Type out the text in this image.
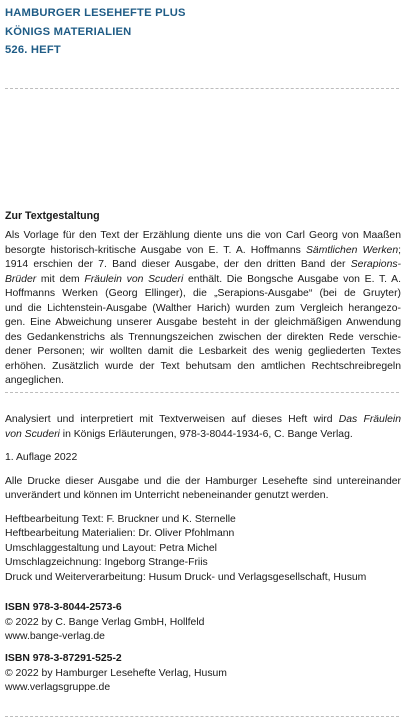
HAMBURGER LESEHEFTE PLUS
KÖNIGS MATERIALIEN
526. HEFT
Zur Textgestaltung
Als Vorlage für den Text der Erzählung diente uns die von Carl Georg von Maaßen
besorgte historisch-kritische Ausgabe von E. T. A. Hoffmanns Sämtlichen Werken;
1914 erschien der 7. Band dieser Ausgabe, der den dritten Band der Serapions-
Brüder mit dem Fräulein von Scuderi enthält. Die Bongsche Ausgabe von E. T. A.
Hoffmanns Werken (Georg Ellinger), die „Serapions-Ausgabe“ (bei de Gruyter)
und die Lichtenstein-Ausgabe (Walther Harich) wurden zum Vergleich herangezo-
gen. Eine Abweichung unserer Ausgabe besteht in der gleichmäßigen Anwendung
des Gedankenstrichs als Trennungszeichen zwischen der direkten Rede verschie-
dener Personen; wir wollten damit die Lesbarkeit des wenig gegliederten Textes
erhöhen. Zusätzlich wurde der Text behutsam den amtlichen Rechtschreibregeln
angeglichen.
Analysiert und interpretiert mit Textverweisen auf dieses Heft wird Das Fräulein
von Scuderi in Königs Erläuterungen, 978-3-8044-1934-6, C. Bange Verlag.
1. Auflage 2022
Alle Drucke dieser Ausgabe und die der Hamburger Lesehefte sind untereinander
unverändert und können im Unterricht nebeneinander genutzt werden.
Heftbearbeitung Text: F. Bruckner und K. Sternelle
Heftbearbeitung Materialien: Dr. Oliver Pfohlmann
Umschlaggestaltung und Layout: Petra Michel
Umschlagzeichnung: Ingeborg Strange-Friis
Druck und Weiterverarbeitung: Husum Druck- und Verlagsgesellschaft, Husum
ISBN 978-3-8044-2573-6
© 2022 by C. Bange Verlag GmbH, Hollfeld
www.bange-verlag.de
ISBN 978-3-87291-525-2
© 2022 by Hamburger Lesehefte Verlag, Husum
www.verlagsgruppe.de
